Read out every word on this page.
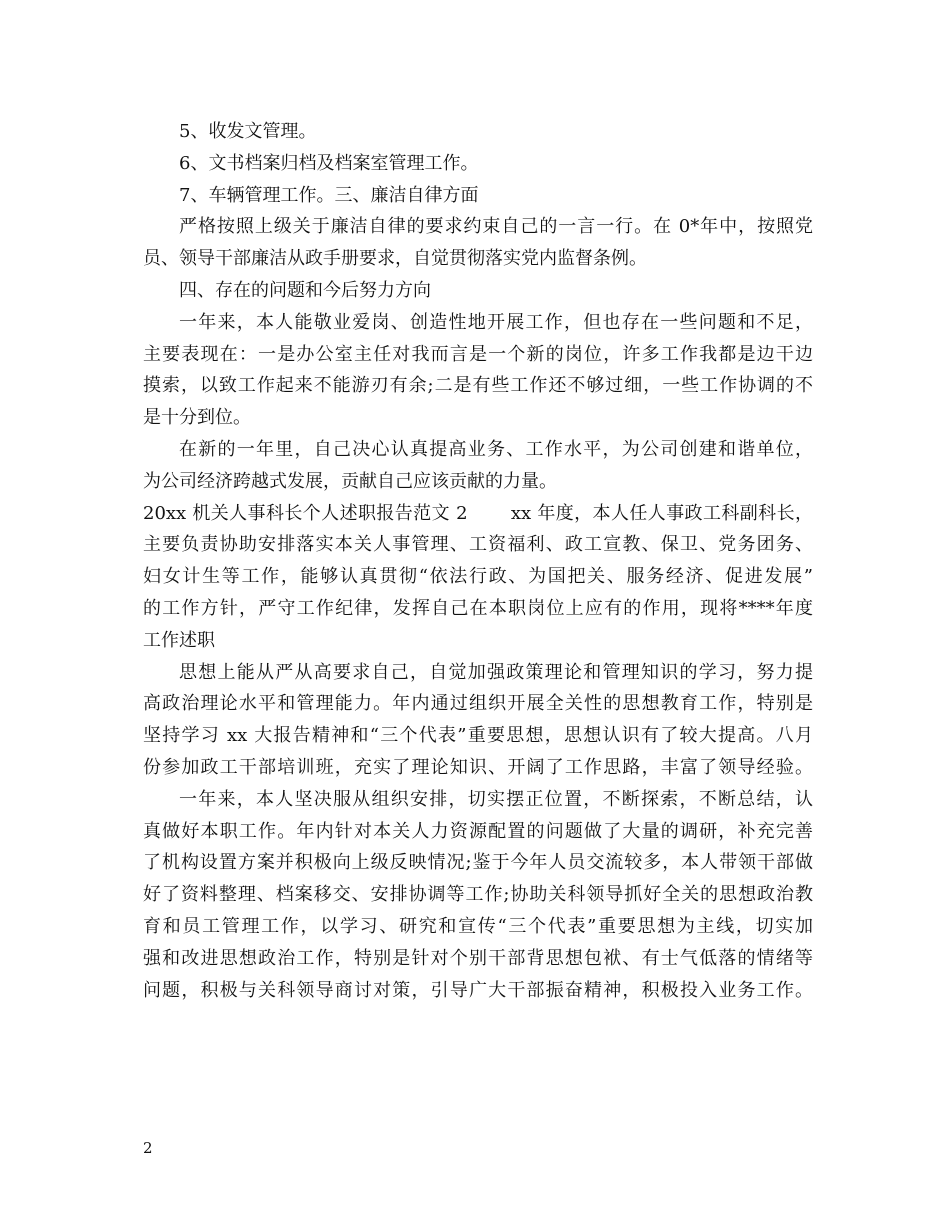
5、收发文管理。
6、文书档案归档及档案室管理工作。
7、车辆管理工作。三、廉洁自律方面
严格按照上级关于廉洁自律的要求约束自己的一言一行。在 0*年中，按照党
员、领导干部廉洁从政手册要求，自觉贯彻落实党内监督条例。
四、存在的问题和今后努力方向
一年来，本人能敬业爱岗、创造性地开展工作，但也存在一些问题和不足，
主要表现在：一是办公室主任对我而言是一个新的岗位，许多工作我都是边干边
摸索，以致工作起来不能游刃有余;二是有些工作还不够过细，一些工作协调的不
是十分到位。
在新的一年里，自己决心认真提高业务、工作水平，为公司创建和谐单位，
为公司经济跨越式发展，贡献自己应该贡献的力量。
20xx 机关人事科长个人述职报告范文 2　　 xx 年度，本人任人事政工科副科长，
主要负责协助安排落实本关人事管理、工资福利、政工宣教、保卫、党务团务、
妇女计生等工作，能够认真贯彻“依法行政、为国把关、服务经济、促进发展”
的工作方针，严守工作纪律，发挥自己在本职岗位上应有的作用，现将****年度
工作述职
思想上能从严从高要求自己，自觉加强政策理论和管理知识的学习，努力提
高政治理论水平和管理能力。年内通过组织开展全关性的思想教育工作，特别是
坚持学习 xx 大报告精神和“三个代表”重要思想，思想认识有了较大提高。八月
份参加政工干部培训班，充实了理论知识、开阔了工作思路，丰富了领导经验。
一年来，本人坚决服从组织安排，切实摆正位置，不断探索，不断总结，认
真做好本职工作。年内针对本关人力资源配置的问题做了大量的调研，补充完善
了机构设置方案并积极向上级反映情况;鉴于今年人员交流较多，本人带领干部做
好了资料整理、档案移交、安排协调等工作;协助关科领导抓好全关的思想政治教
育和员工管理工作，以学习、研究和宣传“三个代表”重要思想为主线，切实加
强和改进思想政治工作，特别是针对个别干部背思想包袱、有士气低落的情绪等
问题，积极与关科领导商讨对策，引导广大干部振奋精神，积极投入业务工作。
2
